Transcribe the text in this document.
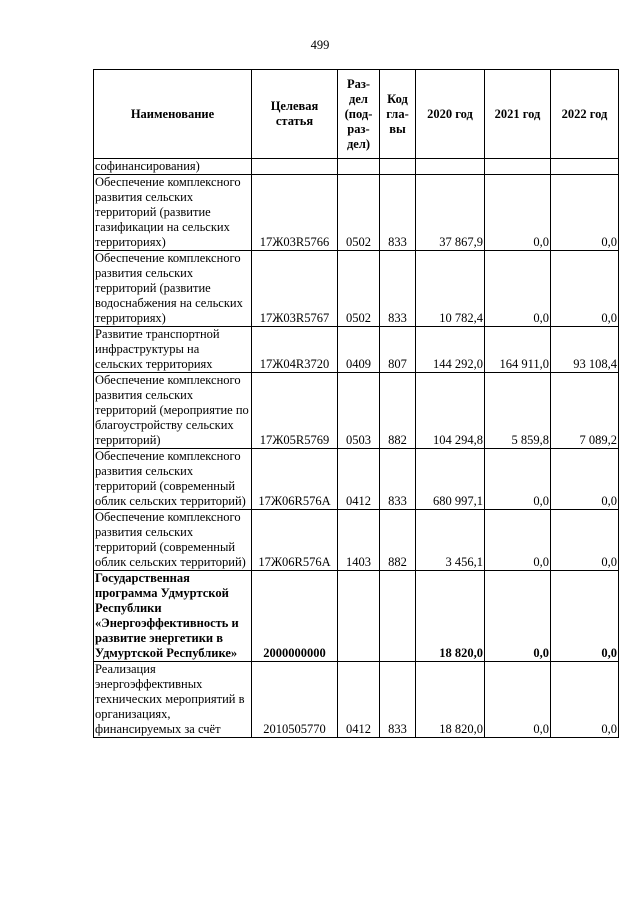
499
Наименование	Целевая статья	Раз-дел (под-раз-дел)	Код гла-вы	2020 год	2021 год	2022 год
софинансирования)						
Обеспечение комплексного развития сельских территорий (развитие газификации на сельских территориях)	17Ж03R5766	0502	833	37 867,9	0,0	0,0
Обеспечение комплексного развития сельских территорий (развитие водоснабжения на сельских территориях)	17Ж03R5767	0502	833	10 782,4	0,0	0,0
Развитие транспортной инфраструктуры на сельских территориях	17Ж04R3720	0409	807	144 292,0	164 911,0	93 108,4
Обеспечение комплексного развития сельских территорий (мероприятие по благоустройству сельских территорий)	17Ж05R5769	0503	882	104 294,8	5 859,8	7 089,2
Обеспечение комплексного развития сельских территорий (современный облик сельских территорий)	17Ж06R576A	0412	833	680 997,1	0,0	0,0
Обеспечение комплексного развития сельских территорий (современный облик сельских территорий)	17Ж06R576A	1403	882	3 456,1	0,0	0,0
Государственная программа Удмуртской Республики «Энергоэффективность и развитие энергетики в Удмуртской Республике»	2000000000			18 820,0	0,0	0,0
Реализация энергоэффективных технических мероприятий в организациях, финансируемых за счёт	2010505770	0412	833	18 820,0	0,0	0,0
